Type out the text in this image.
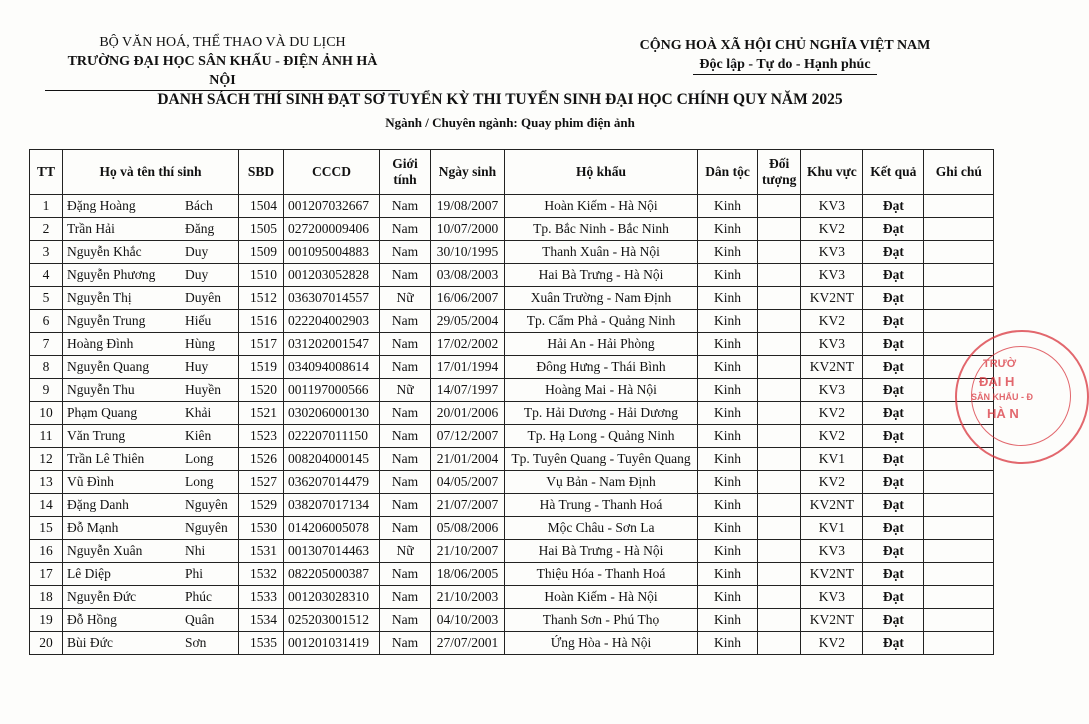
BỘ VĂN HOÁ, THỂ THAO VÀ DU LỊCH
TRƯỜNG ĐẠI HỌC SÂN KHẤU - ĐIỆN ẢNH HÀ NỘI
CỘNG HOÀ XÃ HỘI CHỦ NGHĨA VIỆT NAM
Độc lập - Tự do - Hạnh phúc
DANH SÁCH THÍ SINH ĐẠT SƠ TUYỂN KỲ THI TUYỂN SINH ĐẠI HỌC CHÍNH QUY NĂM 2025
Ngành / Chuyên ngành: Quay phim điện ảnh
TT	Họ và tên thí sinh	SBD	CCCD	Giới tính	Ngày sinh	Hộ khẩu	Dân tộc	Đối tượng	Khu vực	Kết quả	Ghi chú
1	Đặng Hoàng Bách	1504	001207032667	Nam	19/08/2007	Hoàn Kiếm - Hà Nội	Kinh		KV3	Đạt	
2	Trần Hải Đăng	1505	027200009406	Nam	10/07/2000	Tp. Bắc Ninh - Bắc Ninh	Kinh		KV2	Đạt	
3	Nguyễn Khắc Duy	1509	001095004883	Nam	30/10/1995	Thanh Xuân - Hà Nội	Kinh		KV3	Đạt	
4	Nguyễn Phương Duy	1510	001203052828	Nam	03/08/2003	Hai Bà Trưng - Hà Nội	Kinh		KV3	Đạt	
5	Nguyễn Thị Duyên	1512	036307014557	Nữ	16/06/2007	Xuân Trường - Nam Định	Kinh		KV2NT	Đạt	
6	Nguyễn Trung Hiếu	1516	022204002903	Nam	29/05/2004	Tp. Cẩm Phả - Quảng Ninh	Kinh		KV2	Đạt	
7	Hoàng Đình Hùng	1517	031202001547	Nam	17/02/2002	Hải An - Hải Phòng	Kinh		KV3	Đạt	
8	Nguyễn Quang Huy	1519	034094008614	Nam	17/01/1994	Đông Hưng - Thái Bình	Kinh		KV2NT	Đạt	
9	Nguyễn Thu Huyền	1520	001197000566	Nữ	14/07/1997	Hoàng Mai - Hà Nội	Kinh		KV3	Đạt	
10	Phạm Quang Khải	1521	030206000130	Nam	20/01/2006	Tp. Hải Dương - Hải Dương	Kinh		KV2	Đạt	
11	Văn Trung Kiên	1523	022207011150	Nam	07/12/2007	Tp. Hạ Long - Quảng Ninh	Kinh		KV2	Đạt	
12	Trần Lê Thiên Long	1526	008204000145	Nam	21/01/2004	Tp. Tuyên Quang - Tuyên Quang	Kinh		KV1	Đạt	
13	Vũ Đình Long	1527	036207014479	Nam	04/05/2007	Vụ Bản - Nam Định	Kinh		KV2	Đạt	
14	Đặng Danh Nguyên	1529	038207017134	Nam	21/07/2007	Hà Trung - Thanh Hoá	Kinh		KV2NT	Đạt	
15	Đỗ Mạnh Nguyên	1530	014206005078	Nam	05/08/2006	Mộc Châu - Sơn La	Kinh		KV1	Đạt	
16	Nguyễn Xuân Nhi	1531	001307014463	Nữ	21/10/2007	Hai Bà Trưng - Hà Nội	Kinh		KV3	Đạt	
17	Lê Diệp Phi	1532	082205000387	Nam	18/06/2005	Thiệu Hóa - Thanh Hoá	Kinh		KV2NT	Đạt	
18	Nguyễn Đức Phúc	1533	001203028310	Nam	21/10/2003	Hoàn Kiếm - Hà Nội	Kinh		KV3	Đạt	
19	Đỗ Hồng Quân	1534	025203001512	Nam	04/10/2003	Thanh Sơn - Phú Thọ	Kinh		KV2NT	Đạt	
20	Bùi Đức Sơn	1535	001201031419	Nam	27/07/2001	Ứng Hòa - Hà Nội	Kinh		KV2	Đạt	
TRƯỜ
ĐẠI H
SÂN KHẤU - Đ
HÀ N
